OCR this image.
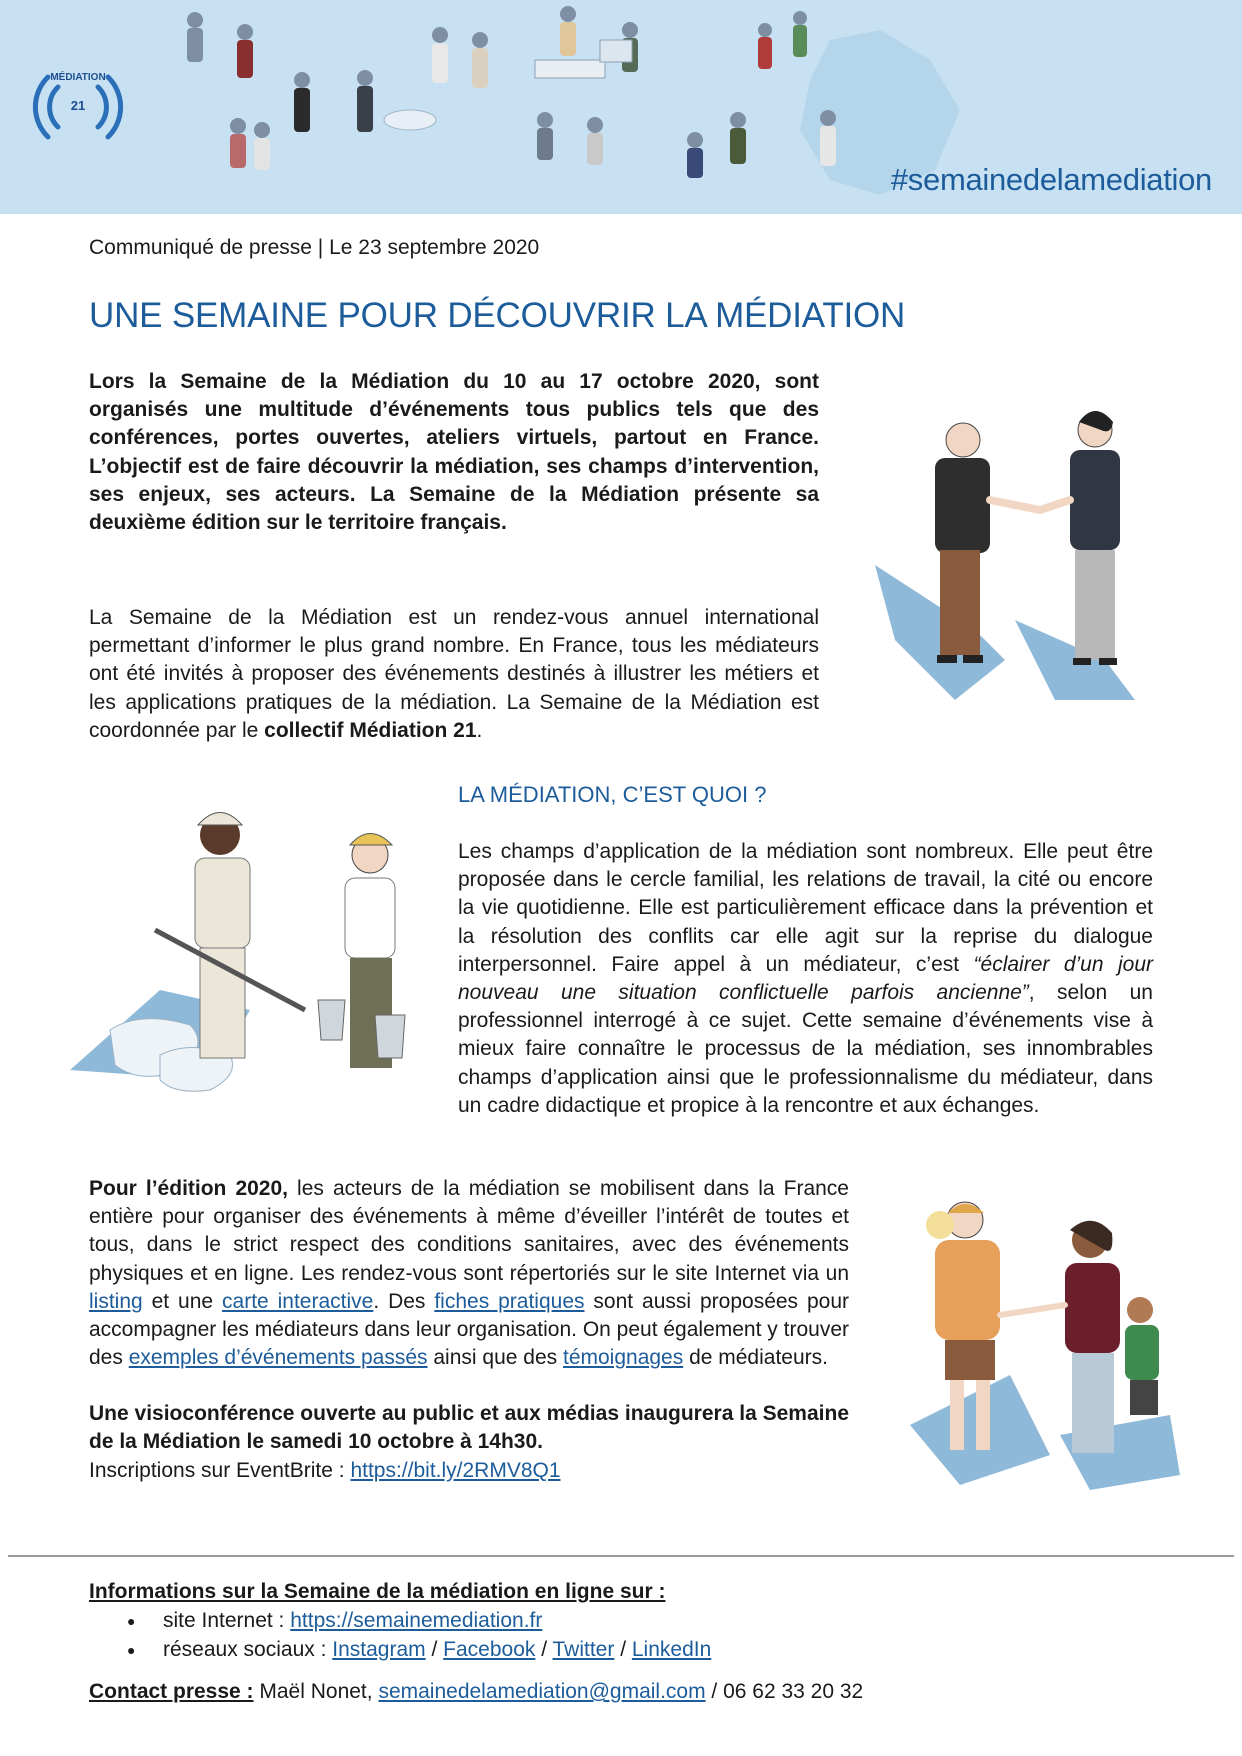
MÉDIATION
21
#semainedelamediation
Communiqué de presse | Le 23 septembre 2020
UNE SEMAINE POUR DÉCOUVRIR LA MÉDIATION

Lors la Semaine de la Médiation du 10 au 17 octobre 2020, sont organisés une multitude d’événements tous publics tels que des conférences, portes ouvertes, ateliers virtuels, partout en France. L’objectif est de faire découvrir la médiation, ses champs d’intervention, ses enjeux, ses acteurs. La Semaine de la Médiation présente sa deuxième édition sur le territoire français.

La Semaine de la Médiation est un rendez-vous annuel international permettant d’informer le plus grand nombre. En France, tous les médiateurs ont été invités à proposer des événements destinés à illustrer les métiers et les applications pratiques de la médiation. La Semaine de la Médiation est coordonnée par le collectif Médiation 21.

LA MÉDIATION, C’EST QUOI ?

Les champs d’application de la médiation sont nombreux. Elle peut être proposée dans le cercle familial, les relations de travail, la cité ou encore la vie quotidienne. Elle est particulièrement efficace dans la prévention et la résolution des conflits car elle agit sur la reprise du dialogue interpersonnel. Faire appel à un médiateur, c’est “éclairer d’un jour nouveau une situation conflictuelle parfois ancienne”, selon un professionnel interrogé à ce sujet. Cette semaine d’événements vise à mieux faire connaître le processus de la médiation, ses innombrables champs d’application ainsi que le professionnalisme du médiateur, dans un cadre didactique et propice à la rencontre et aux échanges.

Pour l’édition 2020, les acteurs de la médiation se mobilisent dans la France entière pour organiser des événements à même d’éveiller l’intérêt de toutes et tous, dans le strict respect des conditions sanitaires, avec des événements physiques et en ligne. Les rendez-vous sont répertoriés sur le site Internet via un listing et une carte interactive. Des fiches pratiques sont aussi proposées pour accompagner les médiateurs dans leur organisation. On peut également y trouver des exemples d’événements passés ainsi que des témoignages de médiateurs.

Une visioconférence ouverte au public et aux médias inaugurera la Semaine de la Médiation le samedi 10 octobre à 14h30.

Inscriptions sur EventBrite : https://bit.ly/2RMV8Q1

Informations sur la Semaine de la médiation en ligne sur :
● site Internet : https://semainemediation.fr
● réseaux sociaux : Instagram / Facebook / Twitter / LinkedIn
Contact presse : Maël Nonet, semainedelamediation@gmail.com / 06 62 33 20 32
